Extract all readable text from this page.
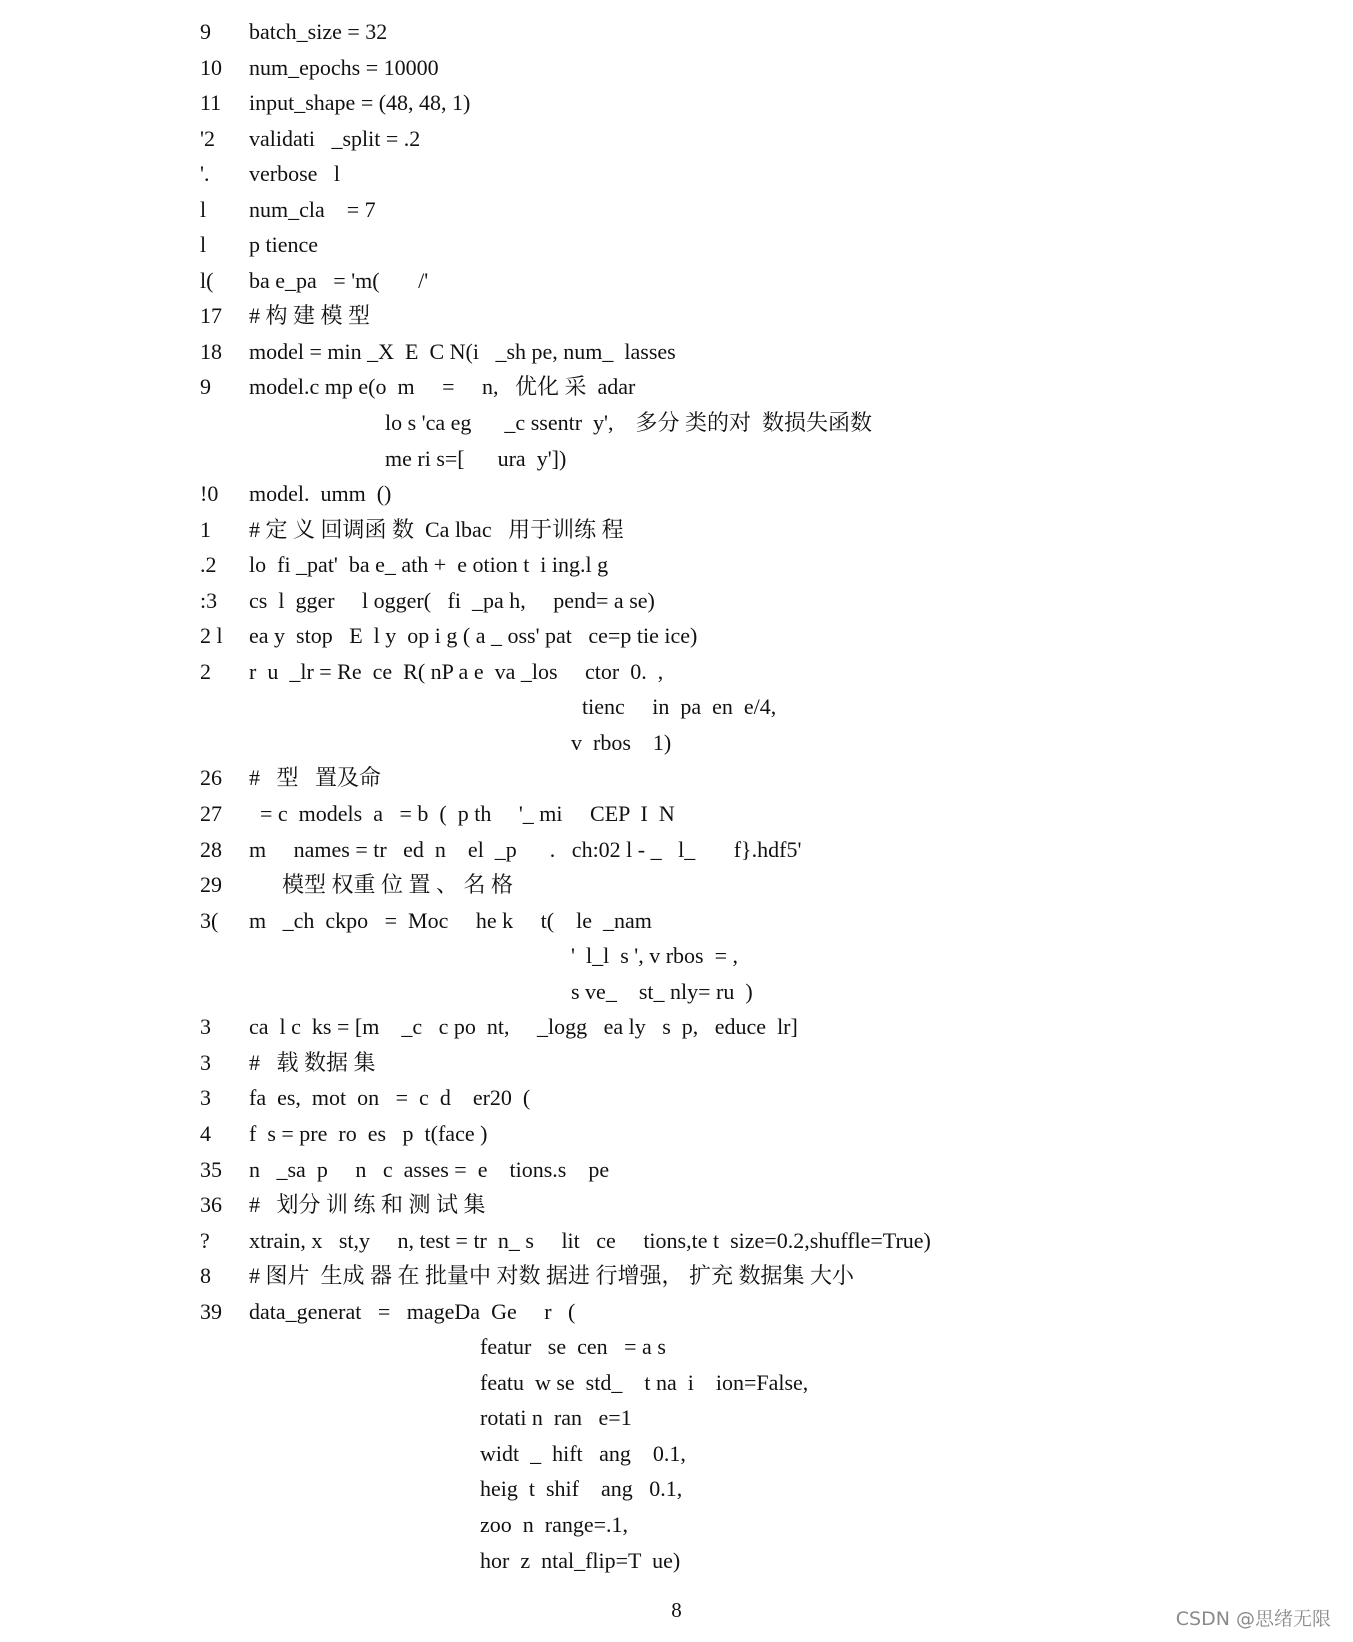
9	batch_size = 32
10	num_epochs = 10000
11	input_shape = (48, 48, 1)
'2	validati   _split = .2
'.	verbose   l
l	num_cla    = 7
l	p tience
l(	ba e_pa   = 'm(       /'
17	# 构 建 模 型
18	model = min _X  E  C N(i   _sh pe, num_  lasses
9	model.c mp e(o  m     =     n,   优化 采  adar
lo s 'ca eg      _c ssentr  y',    多分 类的对  数损失函数
me ri s=[      ura  y'])
!0	model.  umm  ()
1	# 定 义 回调函 数  Ca lbac   用于训练 程
.2	lo  fi _pat'  ba e_ ath +  e otion t  i ing.l g
:3	cs  l  gger     l ogger(   fi  _pa h,     pend= a se)
2 l	ea y  stop   E  l y  op i g ( a _ oss' pat   ce=p tie ice)
2	r  u  _lr = Re  ce  R( nP a e  va _los     ctor  0.  ,
tienc     in  pa  en  e/4,
v  rbos    1)
26	#   型   置及命
27	= c  models  a   = b  (  p th     '_ mi     CEP  I  N
28	m     names = tr   ed  n    el  _p      .   ch:02 l - _   l_       f}.hdf5'
29	模型 权重 位 置 、 名 格
3(	m   _ch  ckpo   =  Moc     he k     t(    le  _nam
'  l_l  s ', v rbos  = ,
s ve_    st_ nly= ru  )
3	ca  l c  ks = [m    _c   c po  nt,     _logg   ea ly   s  p,   educe  lr]
3	#   载 数据 集
3	fa  es,  mot  on   =  c  d    er20  (
4	f  s = pre  ro  es   p  t(face )
35	n   _sa  p     n   c  asses =  e    tions.s    pe
36	#   划分 训 练 和 测 试 集
?	xtrain, x   st,y     n, test = tr  n_ s     lit   ce     tions,te t  size=0.2,shuffle=True)
8	# 图片  生成 器 在 批量中 对数 据进 行增强， 扩充 数据集 大小
39	data_generat   =   mageDa  Ge     r   (
featur   se  cen   = a s
featu  w se  std_    t na  i    ion=False,
rotati n  ran   e=1
widt  _  hift   ang    0.1,
heig  t  shif    ang   0.1,
zoo  n  range=.1,
hor  z  ntal_flip=T  ue)
8	CSDN @思绪无限
